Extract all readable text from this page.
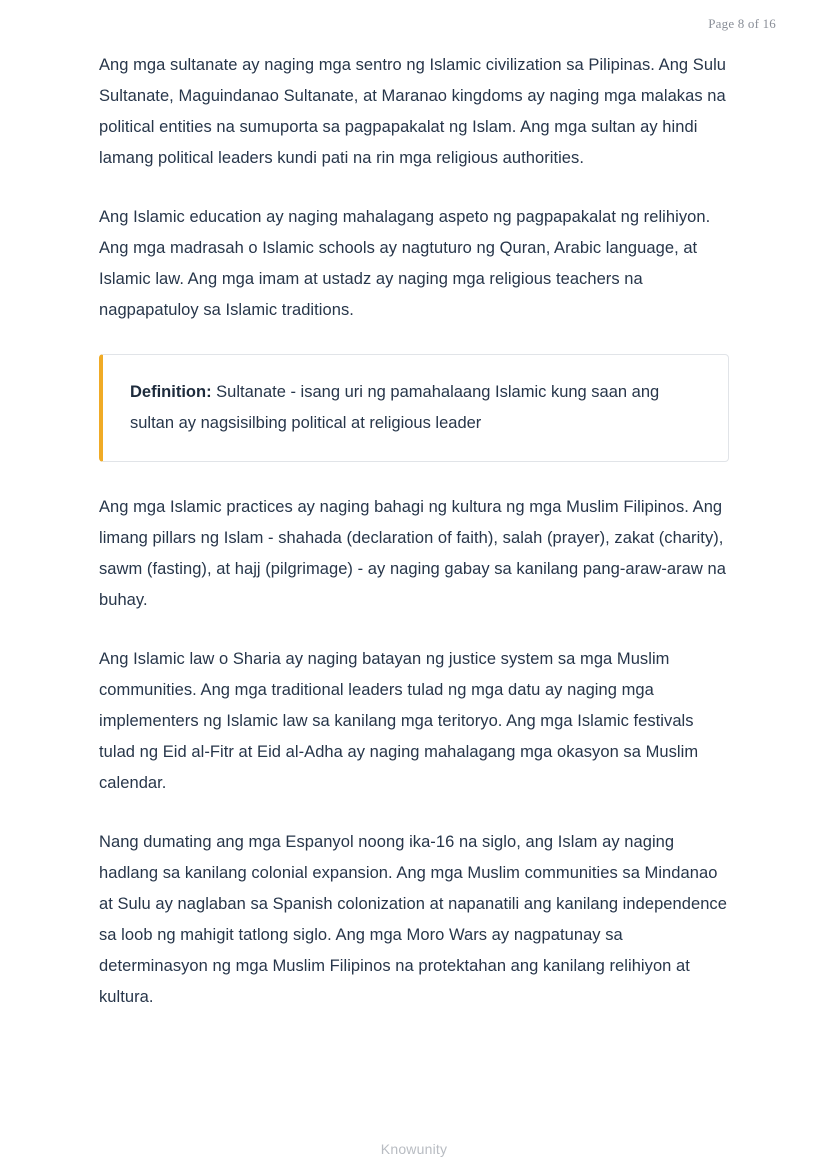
Page 8 of 16

Ang mga sultanate ay naging mga sentro ng Islamic civilization sa Pilipinas. Ang Sulu Sultanate, Maguindanao Sultanate, at Maranao kingdoms ay naging mga malakas na political entities na sumuporta sa pagpapakalat ng Islam. Ang mga sultan ay hindi lamang political leaders kundi pati na rin mga religious authorities.

Ang Islamic education ay naging mahalagang aspeto ng pagpapakalat ng relihiyon. Ang mga madrasah o Islamic schools ay nagtuturo ng Quran, Arabic language, at Islamic law. Ang mga imam at ustadz ay naging mga religious teachers na nagpapatuloy sa Islamic traditions.

Definition: Sultanate - isang uri ng pamahalaang Islamic kung saan ang sultan ay nagsisilbing political at religious leader

Ang mga Islamic practices ay naging bahagi ng kultura ng mga Muslim Filipinos. Ang limang pillars ng Islam - shahada (declaration of faith), salah (prayer), zakat (charity), sawm (fasting), at hajj (pilgrimage) - ay naging gabay sa kanilang pang-araw-araw na buhay.

Ang Islamic law o Sharia ay naging batayan ng justice system sa mga Muslim communities. Ang mga traditional leaders tulad ng mga datu ay naging mga implementers ng Islamic law sa kanilang mga teritoryo. Ang mga Islamic festivals tulad ng Eid al-Fitr at Eid al-Adha ay naging mahalagang mga okasyon sa Muslim calendar.

Nang dumating ang mga Espanyol noong ika-16 na siglo, ang Islam ay naging hadlang sa kanilang colonial expansion. Ang mga Muslim communities sa Mindanao at Sulu ay naglaban sa Spanish colonization at napanatili ang kanilang independence sa loob ng mahigit tatlong siglo. Ang mga Moro Wars ay nagpatunay sa determinasyon ng mga Muslim Filipinos na protektahan ang kanilang relihiyon at kultura.

Knowunity
